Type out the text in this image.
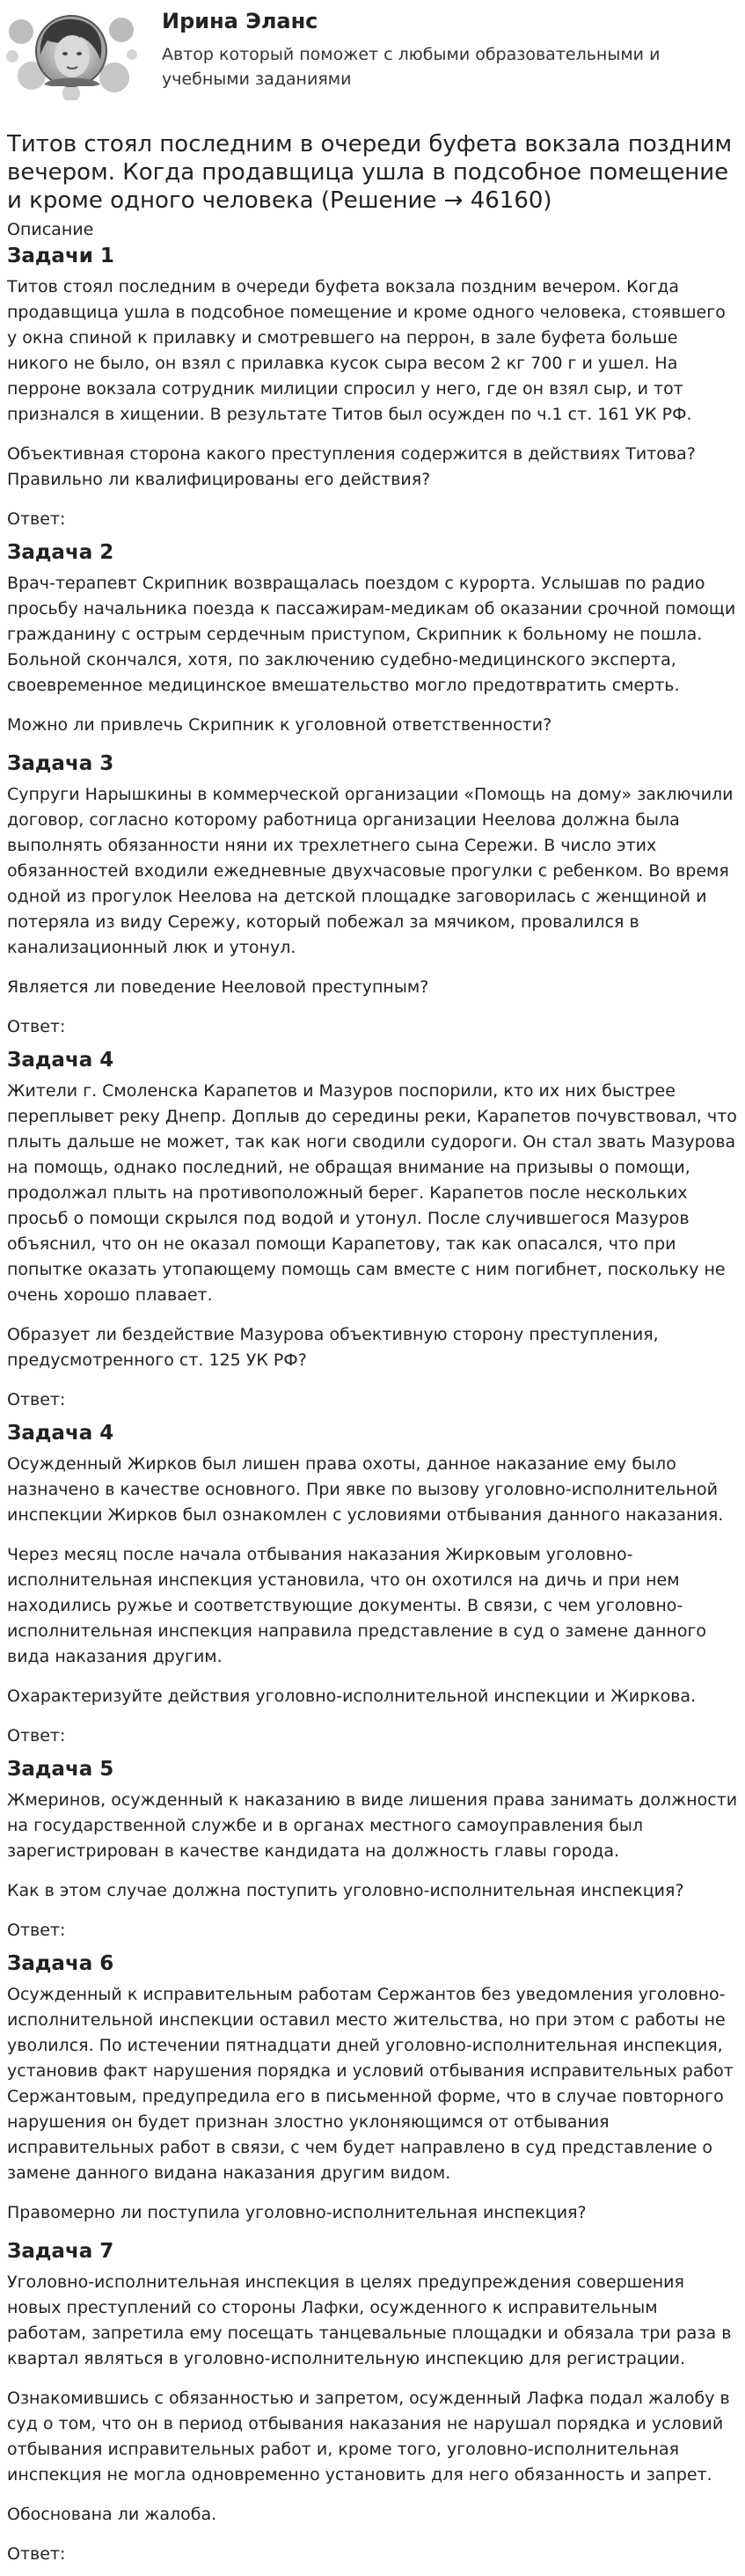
Ирина Эланс

Автор который поможет с любыми образовательными и учебными заданиями

Титов стоял последним в очереди буфета вокзала поздним вечером. Когда продавщица ушла в подсобное помещение и кроме одного человека (Решение → 46160)
Описание
Задачи 1

Титов стоял последним в очереди буфета вокзала поздним вечером. Когда продавщица ушла в подсобное помещение и кроме одного человека, стоявшего у окна спиной к прилавку и смотревшего на перрон, в зале буфета больше никого не было, он взял с прилавка кусок сыра весом 2 кг 700 г и ушел. На перроне вокзала сотрудник милиции спросил у него, где он взял сыр, и тот признался в хищении. В результате Титов был осужден по ч.1 ст. 161 УК РФ.

Объективная сторона какого преступления содержится в действиях Титова? Правильно ли квалифицированы его действия?

Ответ:
Задача 2

Врач-терапевт Скрипник возвращалась поездом с курорта. Услышав по радио просьбу начальника поезда к пассажирам-медикам об оказании срочной помощи гражданину с острым сердечным приступом, Скрипник к больному не пошла. Больной скончался, хотя, по заключению судебно-медицинского эксперта, своевременное медицинское вмешательство могло предотвратить смерть.

Можно ли привлечь Скрипник к уголовной ответственности?

Задача 3

Супруги Нарышкины в коммерческой организации «Помощь на дому» заключили договор, согласно которому работница организации Неелова должна была выполнять обязанности няни их трехлетнего сына Сережи. В число этих обязанностей входили ежедневные двухчасовые прогулки с ребенком. Во время одной из прогулок Неелова на детской площадке заговорилась с женщиной и потеряла из виду Сережу, который побежал за мячиком, провалился в канализационный люк и утонул.

Является ли поведение Нееловой преступным?

Ответ:
Задача 4

Жители г. Смоленска Карапетов и Мазуров поспорили, кто их них быстрее переплывет реку Днепр. Доплыв до середины реки, Карапетов почувствовал, что плыть дальше не может, так как ноги сводили судороги. Он стал звать Мазурова на помощь, однако последний, не обращая внимание на призывы о помощи, продолжал плыть на противоположный берег. Карапетов после нескольких просьб о помощи скрылся под водой и утонул. После случившегося Мазуров объяснил, что он не оказал помощи Карапетову, так как опасался, что при попытке оказать утопающему помощь сам вместе с ним погибнет, поскольку не очень хорошо плавает.

Образует ли бездействие Мазурова объективную сторону преступления, предусмотренного ст. 125 УК РФ?

Ответ:
Задача 4

Осужденный Жирков был лишен права охоты, данное наказание ему было назначено в качестве основного. При явке по вызову уголовно-исполнительной инспекции Жирков был ознакомлен с условиями отбывания данного наказания.

Через месяц после начала отбывания наказания Жирковым уголовно-исполнительная инспекция установила, что он охотился на дичь и при нем находились ружье и соответствующие документы. В связи, с чем уголовно-исполнительная инспекция направила представление в суд о замене данного вида наказания другим.

Охарактеризуйте действия уголовно-исполнительной инспекции и Жиркова.

Ответ:
Задача 5

Жмеринов, осужденный к наказанию в виде лишения права занимать должности на государственной службе и в органах местного самоуправления был зарегистрирован в качестве кандидата на должность главы города.

Как в этом случае должна поступить уголовно-исполнительная инспекция?

Ответ:
Задача 6

Осужденный к исправительным работам Сержантов без уведомления уголовно-исполнительной инспекции оставил место жительства, но при этом с работы не уволился. По истечении пятнадцати дней уголовно-исполнительная инспекция, установив факт нарушения порядка и условий отбывания исправительных работ Сержантовым, предупредила его в письменной форме, что в случае повторного нарушения он будет признан злостно уклоняющимся от отбывания исправительных работ в связи, с чем будет направлено в суд представление о замене данного видана наказания другим видом.

Правомерно ли поступила уголовно-исполнительная инспекция?

Задача 7

Уголовно-исполнительная инспекция в целях предупреждения совершения новых преступлений со стороны Лафки, осужденного к исправительным работам, запретила ему посещать танцевальные площадки и обязала три раза в квартал являться в уголовно-исполнительную инспекцию для регистрации.

Ознакомившись с обязанностью и запретом, осужденный Лафка подал жалобу в суд о том, что он в период отбывания наказания не нарушал порядка и условий отбывания исправительных работ и, кроме того, уголовно-исполнительная инспекция не могла одновременно установить для него обязанность и запрет.

Обоснована ли жалоба.

Ответ:
